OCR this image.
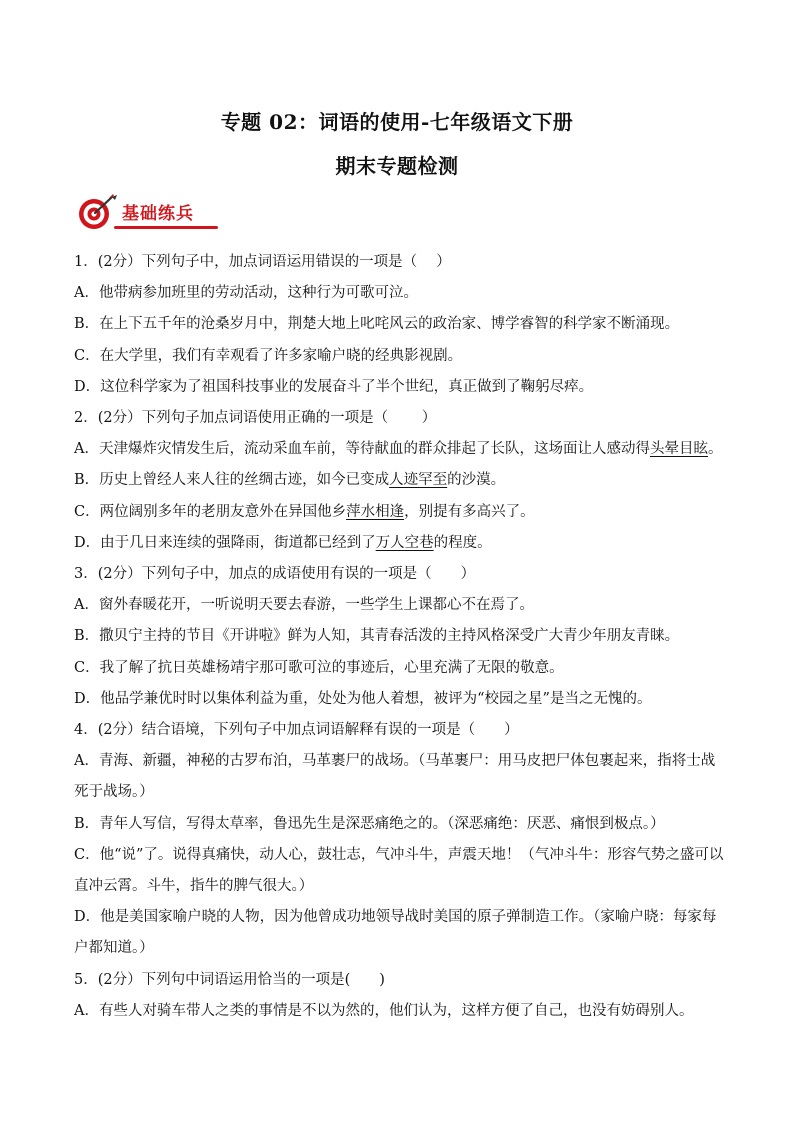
专题 02：词语的使用-七年级语文下册
期末专题检测
基础练兵
1．(2分）下列句子中，加点词语运用错误的一项是（　 ）
A．他带病参加班里的劳动活动，这种行为可歌可泣。
B．在上下五千年的沧桑岁月中，荆楚大地上叱咤风云的政治家、博学睿智的科学家不断涌现。
C．在大学里，我们有幸观看了许多家喻户晓的经典影视剧。
D．这位科学家为了祖国科技事业的发展奋斗了半个世纪，真正做到了鞠躬尽瘁。
2．(2分）下列句子加点词语使用正确的一项是（　　 ）
A．天津爆炸灾情发生后，流动采血车前，等待献血的群众排起了长队，这场面让人感动得头晕目眩。
B．历史上曾经人来人往的丝绸古迹，如今已变成人迹罕至的沙漠。
C．两位阔别多年的老朋友意外在异国他乡萍水相逢，别提有多高兴了。
D．由于几日来连续的强降雨，街道都已经到了万人空巷的程度。
3．(2分）下列句子中，加点的成语使用有误的一项是（　　）
A．窗外春暖花开，一听说明天要去春游，一些学生上课都心不在焉了。
B．撒贝宁主持的节目《开讲啦》鲜为人知，其青春活泼的主持风格深受广大青少年朋友青睐。
C．我了解了抗日英雄杨靖宇那可歌可泣的事迹后，心里充满了无限的敬意。
D．他品学兼优时时以集体利益为重，处处为他人着想，被评为“校园之星”是当之无愧的。
4．(2分）结合语境，下列句子中加点词语解释有误的一项是（　　）
A．青海、新疆，神秘的古罗布泊，马革裹尸的战场。（马革裹尸：用马皮把尸体包裹起来，指将士战死于战场。）
B．青年人写信，写得太草率，鲁迅先生是深恶痛绝之的。（深恶痛绝：厌恶、痛恨到极点。）
C．他“说”了。说得真痛快，动人心，鼓壮志，气冲斗牛，声震天地！（气冲斗牛：形容气势之盛可以直冲云霄。斗牛，指牛的脾气很大。）
D．他是美国家喻户晓的人物，因为他曾成功地领导战时美国的原子弹制造工作。（家喻户晓：每家每户都知道。）
5．(2分）下列句中词语运用恰当的一项是(　　)
A．有些人对骑车带人之类的事情是不以为然的，他们认为，这样方便了自己，也没有妨碍别人。
